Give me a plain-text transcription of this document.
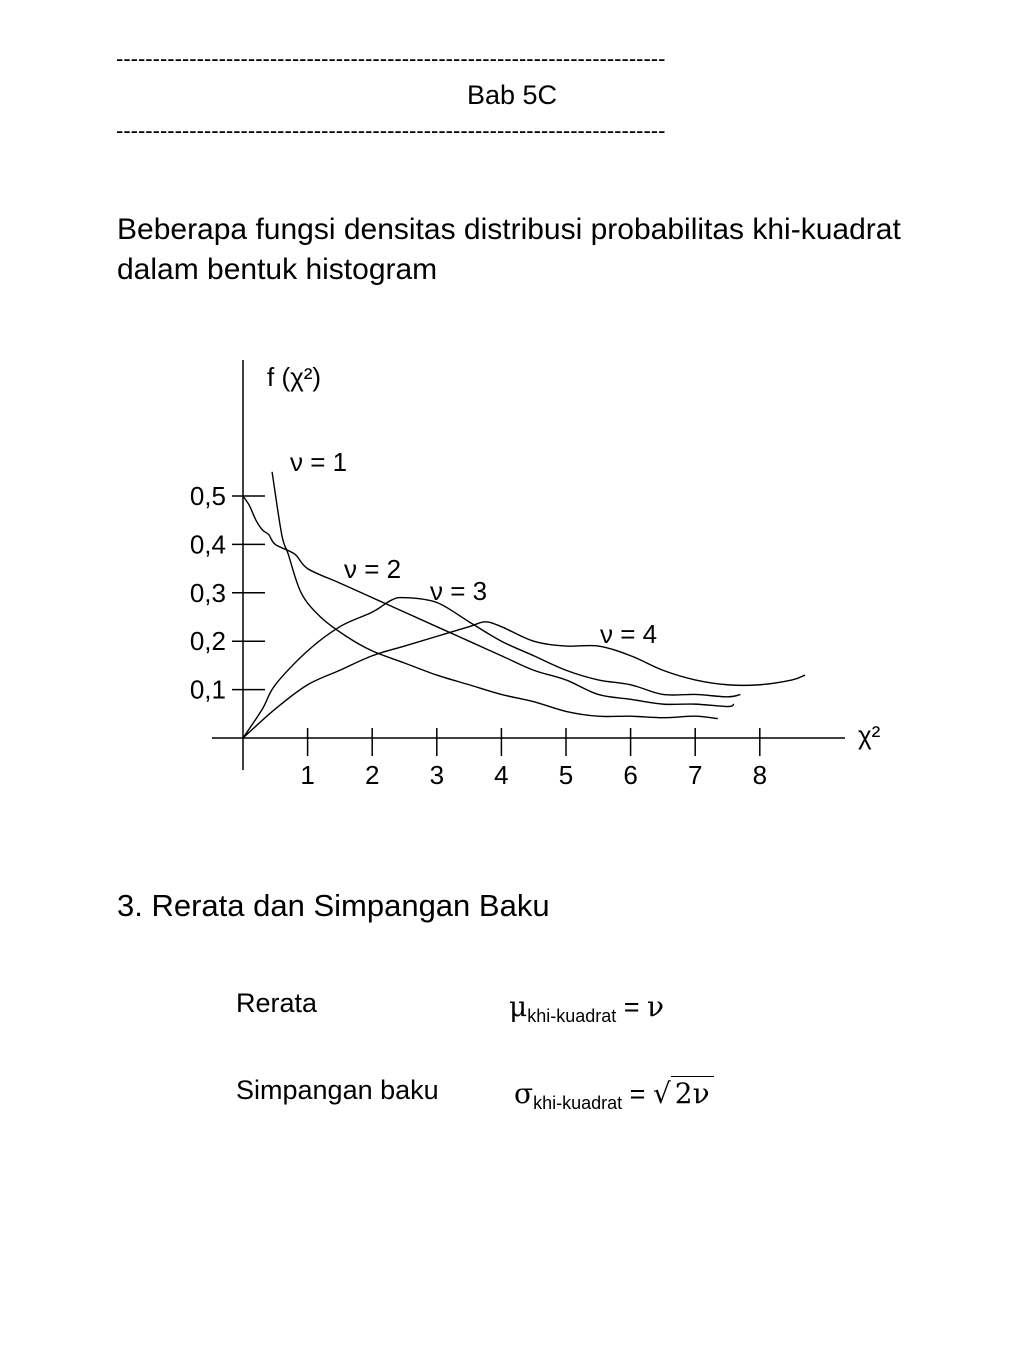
---------------------------------------------------------------------------
Bab 5C
---------------------------------------------------------------------------
Beberapa fungsi densitas distribusi probabilitas khi-kuadrat dalam bentuk histogram
1 2 3 4 5 6 7 8
0,1
0,2
0,3
0,4
0,5
f (χ²)
χ²
ν = 1
ν = 2
ν = 3
ν = 4
3. Rerata dan Simpangan Baku
Rerata	$\mu_{khi-kuadrat} = \nu$
Simpangan baku	$\sigma_{khi-kuadrat}$ = √ 2ν
